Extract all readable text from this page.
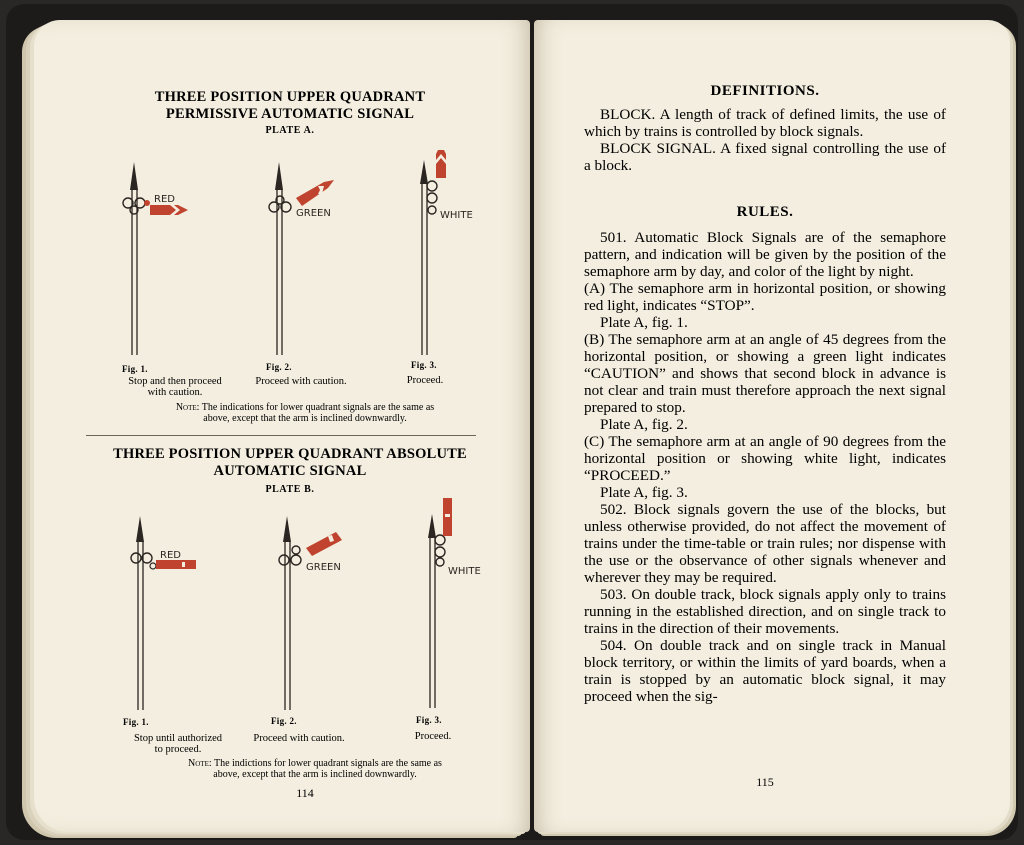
THREE POSITION UPPER QUADRANT
PERMISSIVE AUTOMATIC SIGNAL
PLATE A.
RED
GREEN	WHITE
Fig. 1.	Fig. 2.	Fig. 3.
Stop and then proceed
with caution.
Proceed with caution.	Proceed.
Note: The indications for lower quadrant signals are the same as
above, except that the arm is inclined downwardly.
THREE POSITION UPPER QUADRANT ABSOLUTE
AUTOMATIC SIGNAL
PLATE B.
RED
GREEN	WHITE
Fig. 1.	Fig. 2.	Fig. 3.
Stop until authorized
to proceed.
Proceed with caution.	Proceed.
Note: The indictions for lower quadrant signals are the same as
above, except that the arm is inclined downwardly.
114
DEFINITIONS.

BLOCK. A length of track of defined limits, the use of which by trains is controlled by block signals.

BLOCK SIGNAL. A fixed signal controlling the use of a block.

RULES.

501. Automatic Block Signals are of the semaphore pattern, and indication will be given by the position of the semaphore arm by day, and color of the light by night.

(A) The semaphore arm in horizontal position, or showing red light, indicates “STOP”.

Plate A, fig. 1.

(B) The semaphore arm at an angle of 45 degrees from the horizontal position, or showing a green light indicates “CAUTION” and shows that second block in advance is not clear and train must therefore approach the next signal prepared to stop.

Plate A, fig. 2.

(C) The semaphore arm at an angle of 90 degrees from the horizontal position or showing white light, indicates “PROCEED.”

Plate A, fig. 3.

502. Block signals govern the use of the blocks, but unless otherwise provided, do not affect the movement of trains under the time-table or train rules; nor dispense with the use or the observance of other signals whenever and wherever they may be required.

503. On double track, block signals apply only to trains running in the established direction, and on single track to trains in the direction of their movements.

504. On double track and on single track in Manual block territory, or within the limits of yard boards, when a train is stopped by an automatic block signal, it may proceed when the sig-

115
